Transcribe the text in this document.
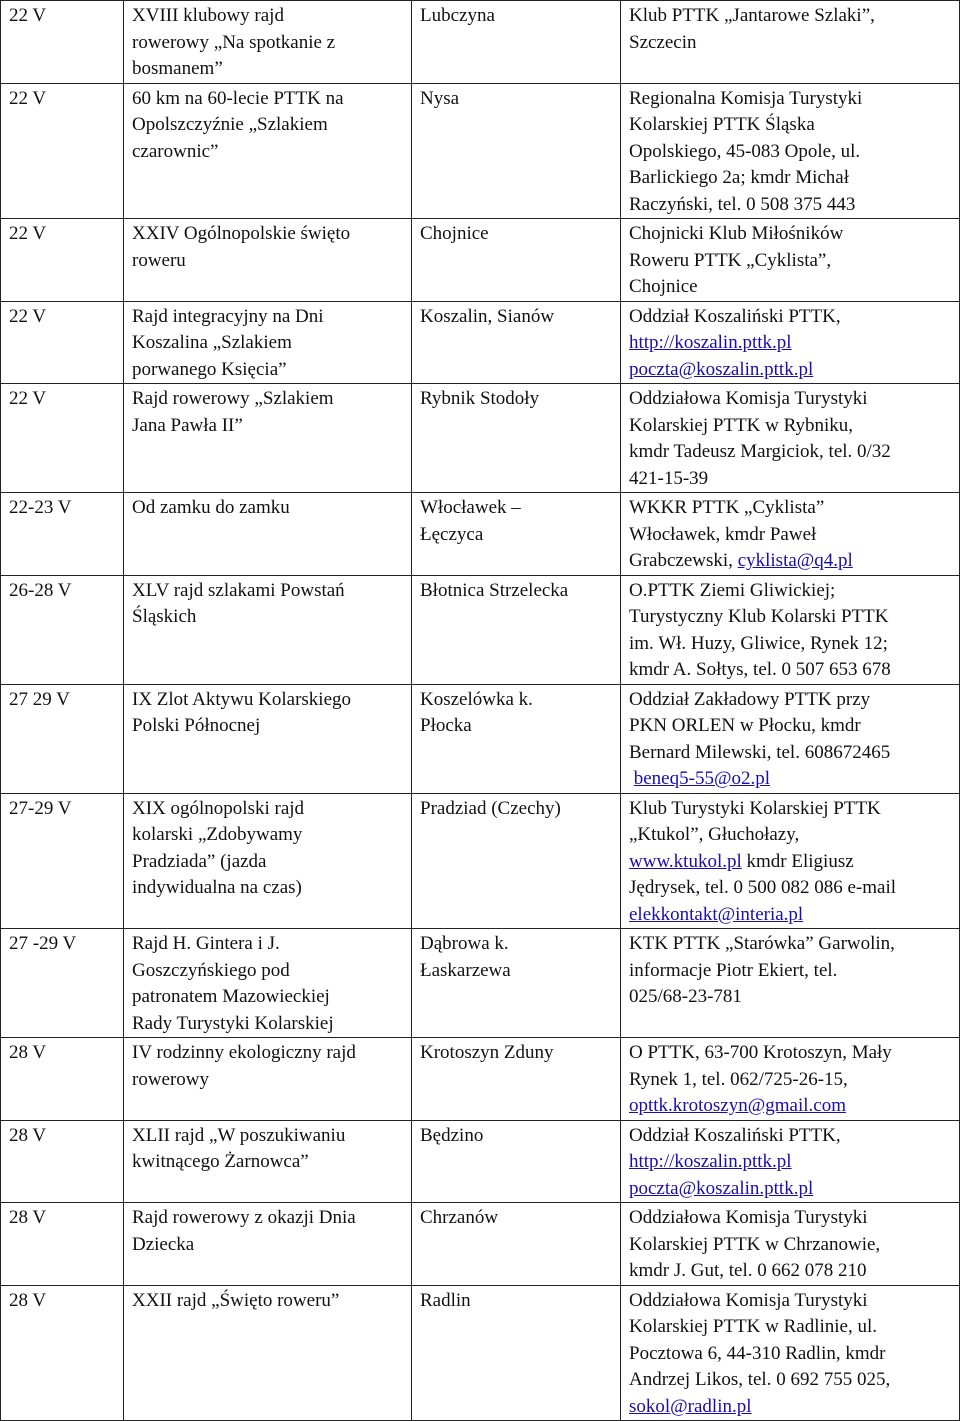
22 V	XVIII klubowy rajd
rowerowy „Na spotkanie z
bosmanem”	Lubczyna	Klub PTTK „Jantarowe Szlaki”,
Szczecin

22 V	60 km na 60-lecie PTTK na
Opolszczyźnie „Szlakiem
czarownic”	Nysa	Regionalna Komisja Turystyki
Kolarskiej PTTK Śląska
Opolskiego, 45-083 Opole, ul.
Barlickiego 2a; kmdr Michał
Raczyński, tel. 0 508 375 443

22 V	XXIV Ogólnopolskie święto
roweru	Chojnice	Chojnicki Klub Miłośników
Roweru PTTK „Cyklista”,
Chojnice

22 V	Rajd integracyjny na Dni
Koszalina „Szlakiem
porwanego Księcia”	Koszalin, Sianów	Oddział Koszaliński PTTK,
http://koszalin.pttk.pl
poczta@koszalin.pttk.pl

22 V	Rajd rowerowy „Szlakiem
Jana Pawła II”	Rybnik Stodoły	Oddziałowa Komisja Turystyki
Kolarskiej PTTK w Rybniku,
kmdr Tadeusz Margiciok, tel. 0/32
421-15-39

22-23 V	Od zamku do zamku	Włocławek –
Łęczyca	WKKR PTTK „Cyklista”
Włocławek, kmdr Paweł
Grabczewski, cyklista@q4.pl

26-28 V	XLV rajd szlakami Powstań
Śląskich	Błotnica Strzelecka	O.PTTK Ziemi Gliwickiej;
Turystyczny Klub Kolarski PTTK
im. Wł. Huzy, Gliwice, Rynek 12;
kmdr A. Sołtys, tel. 0 507 653 678

27 29 V	IX Zlot Aktywu Kolarskiego
Polski Północnej	Koszelówka k.
Płocka	Oddział Zakładowy PTTK przy
PKN ORLEN w Płocku, kmdr
Bernard Milewski, tel. 608672465
beneq5-55@o2.pl

27-29 V	XIX ogólnopolski rajd
kolarski „Zdobywamy
Pradziada” (jazda
indywidualna na czas)	Pradziad (Czechy)	Klub Turystyki Kolarskiej PTTK
„Ktukol”, Głuchołazy,
www.ktukol.pl kmdr Eligiusz
Jędrysek, tel. 0 500 082 086 e-mail
elekkontakt@interia.pl

27 -29 V	Rajd H. Gintera i J.
Goszczyńskiego pod
patronatem Mazowieckiej
Rady Turystyki Kolarskiej	Dąbrowa k.
Łaskarzewa	KTK PTTK „Starówka” Garwolin,
informacje Piotr Ekiert, tel.
025/68-23-781

28 V	IV rodzinny ekologiczny rajd
rowerowy	Krotoszyn Zduny	O PTTK, 63-700 Krotoszyn, Mały
Rynek 1, tel. 062/725-26-15,
opttk.krotoszyn@gmail.com

28 V	XLII rajd „W poszukiwaniu
kwitnącego Żarnowca”	Będzino	Oddział Koszaliński PTTK,
http://koszalin.pttk.pl
poczta@koszalin.pttk.pl

28 V	Rajd rowerowy z okazji Dnia
Dziecka	Chrzanów	Oddziałowa Komisja Turystyki
Kolarskiej PTTK w Chrzanowie,
kmdr J. Gut, tel. 0 662 078 210

28 V	XXII rajd „Święto roweru”	Radlin	Oddziałowa Komisja Turystyki
Kolarskiej PTTK w Radlinie, ul.
Pocztowa 6, 44-310 Radlin, kmdr
Andrzej Likos, tel. 0 692 755 025,
sokol@radlin.pl
